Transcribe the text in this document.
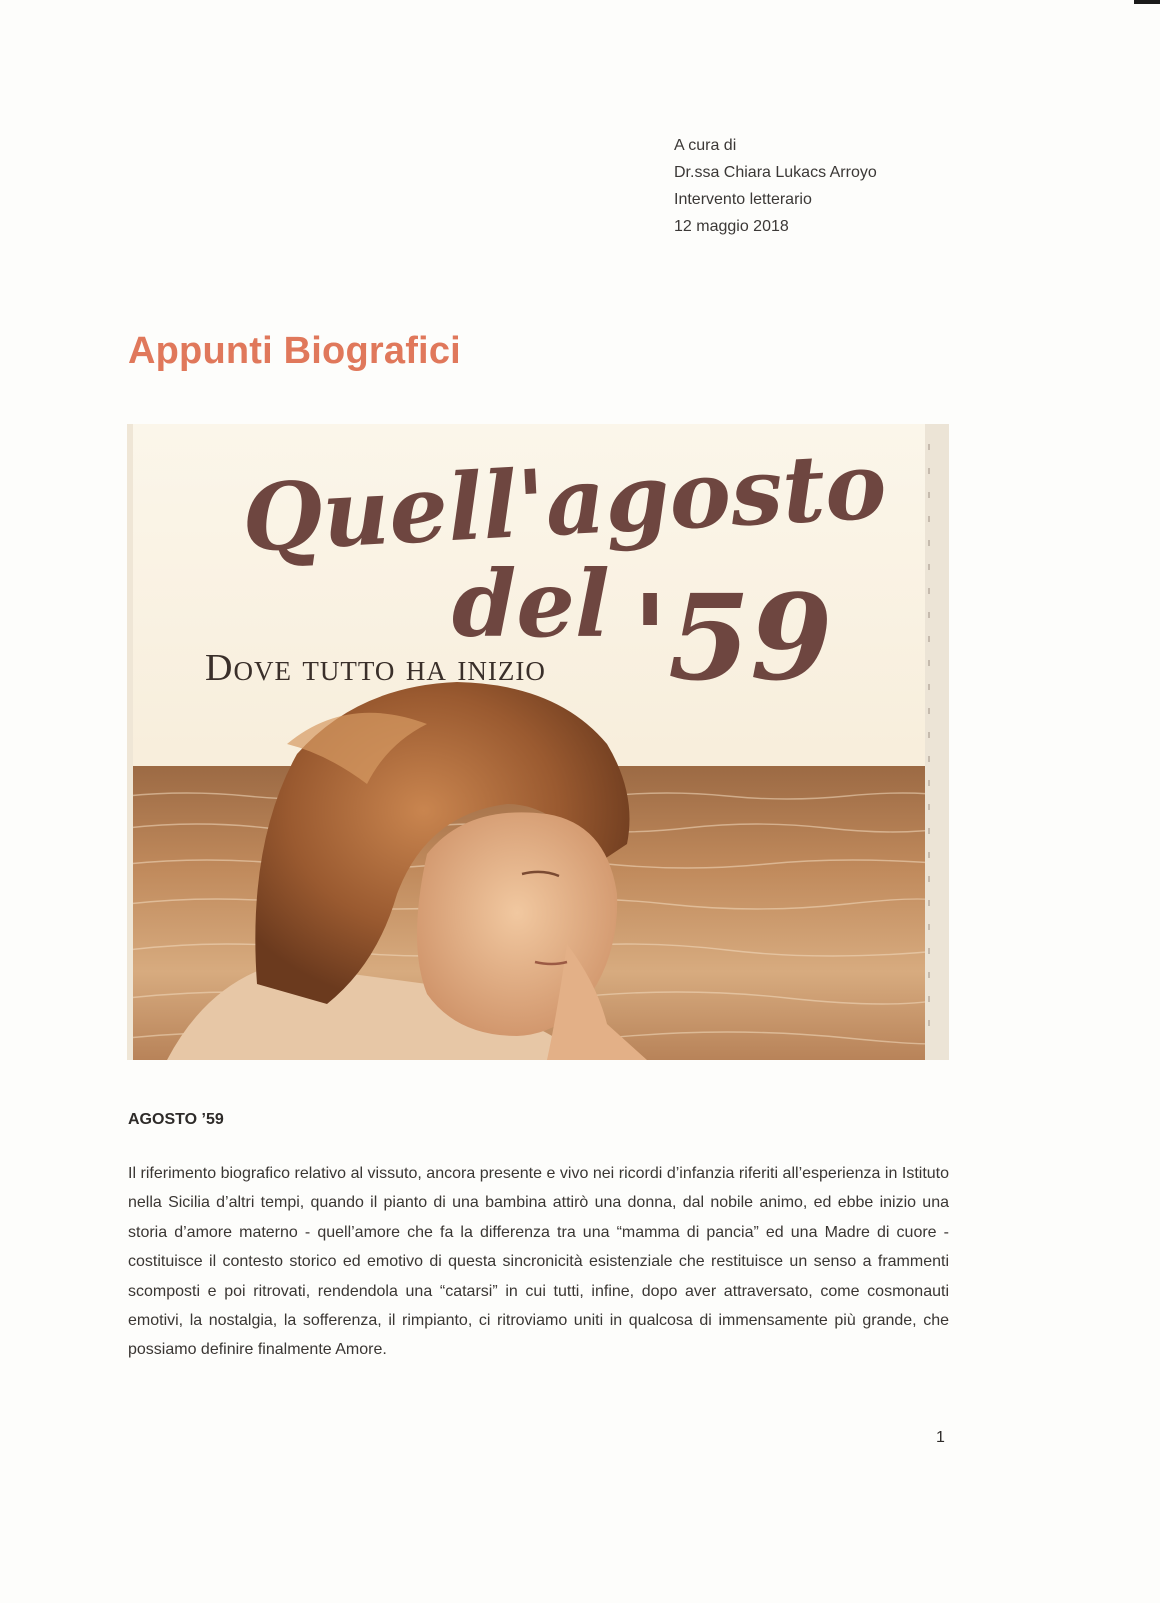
A cura di
Dr.ssa Chiara Lukacs Arroyo
Intervento letterario
12 maggio 2018
Appunti Biografici
Quell'agosto
del '59
Dove tutto ha inizio
AGOSTO ’59

Il riferimento biografico relativo al vissuto, ancora presente e vivo nei ricordi d’infanzia riferiti all’esperienza in Istituto nella Sicilia d’altri tempi, quando il pianto di una bambina attirò una donna, dal nobile animo, ed ebbe inizio una storia d’amore materno - quell’amore che fa la differenza tra una “mamma di pancia” ed una Madre di cuore - costituisce il contesto storico ed emotivo di questa sincronicità esistenziale che restituisce un senso a frammenti scomposti e poi ritrovati, rendendola una “catarsi” in cui tutti, infine, dopo aver attraversato, come cosmonauti emotivi, la nostalgia, la sofferenza, il rimpianto, ci ritroviamo uniti in qualcosa di immensamente più grande, che possiamo definire finalmente Amore.

1
